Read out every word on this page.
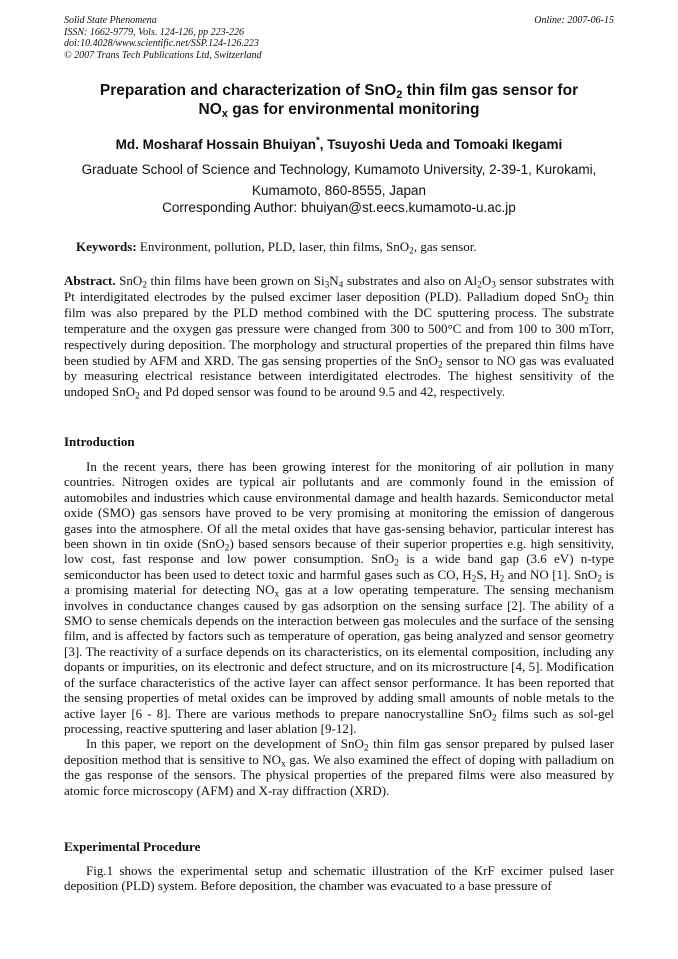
Solid State Phenomena
ISSN: 1662-9779, Vols. 124-126, pp 223-226
doi:10.4028/www.scientific.net/SSP.124-126.223
© 2007 Trans Tech Publications Ltd, Switzerland
Online: 2007-06-15
Preparation and characterization of SnO$_2$ thin film gas sensor for
$NO_x$ gas for environmental monitoring
Md. Mosharaf Hossain Bhuiyan*, Tsuyoshi Ueda and Tomoaki Ikegami
Graduate School of Science and Technology, Kumamoto University, 2-39-1, Kurokami,
Kumamoto, 860-8555, Japan
Corresponding Author: bhuiyan@st.eecs.kumamoto-u.ac.jp
Keywords: Environment, pollution, PLD, laser, thin films, SnO$_2$, gas sensor.
Abstract. SnO$_2$ thin films have been grown on $Si_3N_4$ substrates and also on $Al_2O_3$ sensor substrates with Pt interdigitated electrodes by the pulsed excimer laser deposition (PLD). Palladium doped SnO$_2$ thin film was also prepared by the PLD method combined with the DC sputtering process. The substrate temperature and the oxygen gas pressure were changed from 300 to 500°C and from 100 to 300 mTorr, respectively during deposition. The morphology and structural properties of the prepared thin films have been studied by AFM and XRD. The gas sensing properties of the SnO$_2$ sensor to NO gas was evaluated by measuring electrical resistance between interdigitated electrodes. The highest sensitivity of the undoped SnO$_2$ and Pd doped sensor was found to be around 9.5 and 42, respectively.
Introduction

In the recent years, there has been growing interest for the monitoring of air pollution in many countries. Nitrogen oxides are typical air pollutants and are commonly found in the emission of automobiles and industries which cause environmental damage and health hazards. Semiconductor metal oxide (SMO) gas sensors have proved to be very promising at monitoring the emission of dangerous gases into the atmosphere. Of all the metal oxides that have gas-sensing behavior, particular interest has been shown in tin oxide (SnO$_2$) based sensors because of their superior properties e.g. high sensitivity, low cost, fast response and low power consumption. SnO$_2$ is a wide band gap (3.6 eV) n-type semiconductor has been used to detect toxic and harmful gases such as CO, $H_2S$, $H_2$ and NO [1]. SnO$_2$ is a promising material for detecting $NO_x$ gas at a low operating temperature. The sensing mechanism involves in conductance changes caused by gas adsorption on the sensing surface [2]. The ability of a SMO to sense chemicals depends on the interaction between gas molecules and the surface of the sensing film, and is affected by factors such as temperature of operation, gas being analyzed and sensor geometry [3]. The reactivity of a surface depends on its characteristics, on its elemental composition, including any dopants or impurities, on its electronic and defect structure, and on its microstructure [4, 5]. Modification of the surface characteristics of the active layer can affect sensor performance. It has been reported that the sensing properties of metal oxides can be improved by adding small amounts of noble metals to the active layer [6 - 8]. There are various methods to prepare nanocrystalline SnO$_2$ films such as sol-gel processing, reactive sputtering and laser ablation [9-12].

In this paper, we report on the development of SnO$_2$ thin film gas sensor prepared by pulsed laser deposition method that is sensitive to $NO_x$ gas. We also examined the effect of doping with palladium on the gas response of the sensors. The physical properties of the prepared films were also measured by atomic force microscopy (AFM) and X-ray diffraction (XRD).

Experimental Procedure

Fig.1 shows the experimental setup and schematic illustration of the KrF excimer pulsed laser deposition (PLD) system. Before deposition, the chamber was evacuated to a base pressure of
